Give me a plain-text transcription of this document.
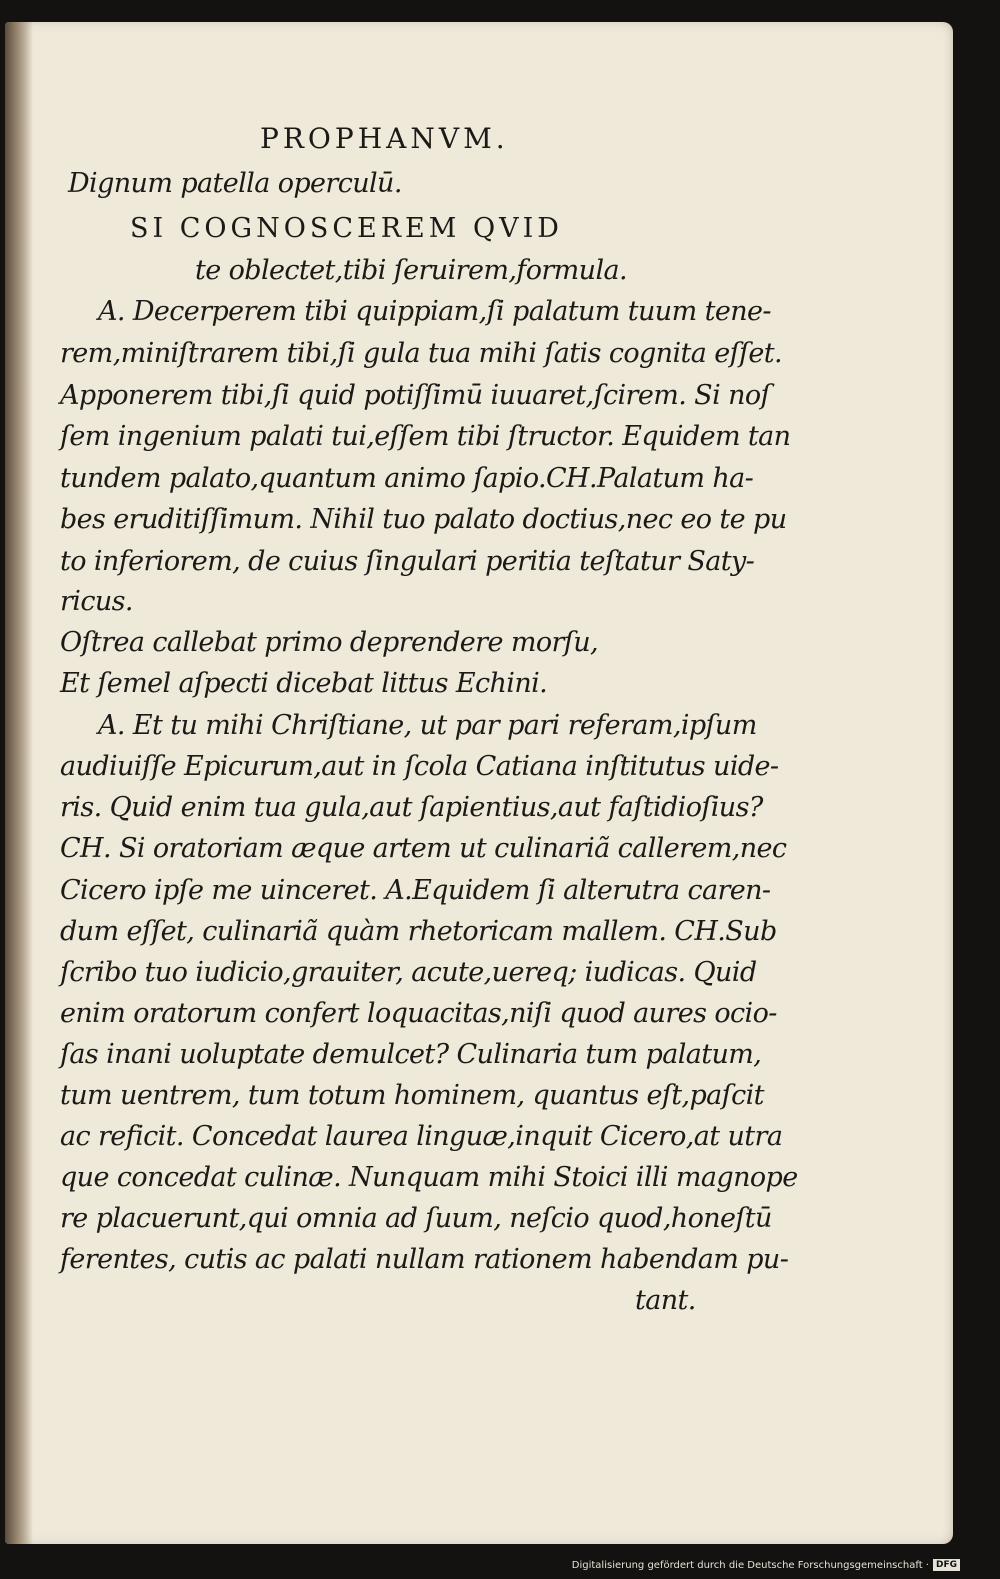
PROPHANVM.
Dignum patella operculū.
SI COGNOSCEREM QVID
te oblectet,tibi ſeruirem,formula.
A. Decerperem tibi quippiam,ſi palatum tuum tene-
rem,miniſtrarem tibi,ſi gula tua mihi ſatis cognita eſſet.
Apponerem tibi,ſi quid potiſſimū iuuaret,ſcirem. Si noſ
ſem ingenium palati tui,eſſem tibi ſtructor. Equidem tan
tundem palato,quantum animo ſapio.CH.Palatum ha-
bes eruditiſſimum. Nihil tuo palato doctius,nec eo te pu
to inferiorem, de cuius ſingulari peritia teſtatur Saty-
ricus.
Oſtrea callebat primo deprendere morſu,
Et ſemel aſpecti dicebat littus Echini.
A. Et tu mihi Chriſtiane, ut par pari referam,ipſum
audiuiſſe Epicurum,aut in ſcola Catiana inſtitutus uide-
ris. Quid enim tua gula,aut ſapientius,aut faſtidioſius?
CH. Si oratoriam æque artem ut culinariã callerem,nec
Cicero ipſe me uinceret. A.Equidem ſi alterutra caren-
dum eſſet, culinariã quàm rhetoricam mallem. CH.Sub
ſcribo tuo iudicio,grauiter, acute,uereq; iudicas. Quid
enim oratorum confert loquacitas,niſi quod aures ocio-
ſas inani uoluptate demulcet? Culinaria tum palatum,
tum uentrem, tum totum hominem, quantus eſt,paſcit
ac reficit. Concedat laurea linguæ,inquit Cicero,at utra
que concedat culinæ. Nunquam mihi Stoici illi magnope
re placuerunt,qui omnia ad ſuum, neſcio quod,honeſtū
ferentes, cutis ac palati nullam rationem habendam pu-
tant.
Digitalisierung gefördert durch die Deutsche Forschungsgemeinschaft · DFG
